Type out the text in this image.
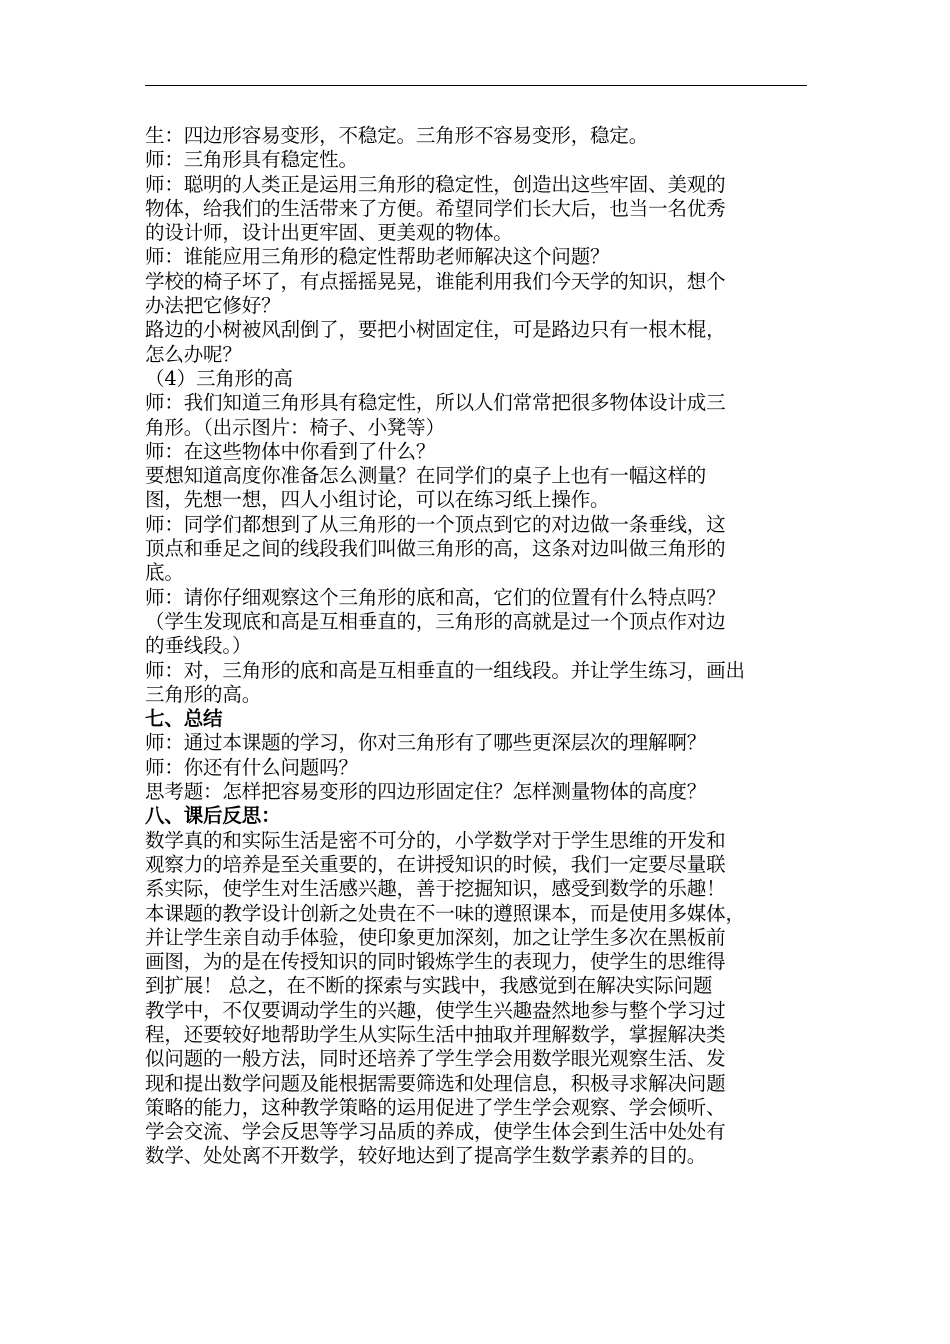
生：四边形容易变形，不稳定。三角形不容易变形，稳定。
师：三角形具有稳定性。
师：聪明的人类正是运用三角形的稳定性，创造出这些牢固、美观的
物体，给我们的生活带来了方便。希望同学们长大后，也当一名优秀
的设计师，设计出更牢固、更美观的物体。
师：谁能应用三角形的稳定性帮助老师解决这个问题？
学校的椅子坏了，有点摇摇晃晃，谁能利用我们今天学的知识，想个
办法把它修好？
路边的小树被风刮倒了，要把小树固定住，可是路边只有一根木棍，
怎么办呢？
（4）三角形的高
师：我们知道三角形具有稳定性，所以人们常常把很多物体设计成三
角形。（出示图片：椅子、小凳等）
师：在这些物体中你看到了什么？
要想知道高度你准备怎么测量？在同学们的桌子上也有一幅这样的
图，先想一想，四人小组讨论，可以在练习纸上操作。
师：同学们都想到了从三角形的一个顶点到它的对边做一条垂线，这
顶点和垂足之间的线段我们叫做三角形的高，这条对边叫做三角形的
底。
师：请你仔细观察这个三角形的底和高，它们的位置有什么特点吗？
（学生发现底和高是互相垂直的，三角形的高就是过一个顶点作对边
的垂线段。）
师：对，三角形的底和高是互相垂直的一组线段。并让学生练习，画出
三角形的高。
七、总结
师：通过本课题的学习，你对三角形有了哪些更深层次的理解啊？
师：你还有什么问题吗？
思考题：怎样把容易变形的四边形固定住？怎样测量物体的高度？
八、课后反思：
数学真的和实际生活是密不可分的，小学数学对于学生思维的开发和
观察力的培养是至关重要的，在讲授知识的时候，我们一定要尽量联
系实际，使学生对生活感兴趣，善于挖掘知识，感受到数学的乐趣！
本课题的教学设计创新之处贵在不一味的遵照课本，而是使用多媒体，
并让学生亲自动手体验，使印象更加深刻，加之让学生多次在黑板前
画图，为的是在传授知识的同时锻炼学生的表现力，使学生的思维得
到扩展！ 总之，在不断的探索与实践中，我感觉到在解决实际问题
教学中，不仅要调动学生的兴趣，使学生兴趣盎然地参与整个学习过
程，还要较好地帮助学生从实际生活中抽取并理解数学，掌握解决类
似问题的一般方法，同时还培养了学生学会用数学眼光观察生活、发
现和提出数学问题及能根据需要筛选和处理信息，积极寻求解决问题
策略的能力，这种教学策略的运用促进了学生学会观察、学会倾听、
学会交流、学会反思等学习品质的养成，使学生体会到生活中处处有
数学、处处离不开数学，较好地达到了提高学生数学素养的目的。
